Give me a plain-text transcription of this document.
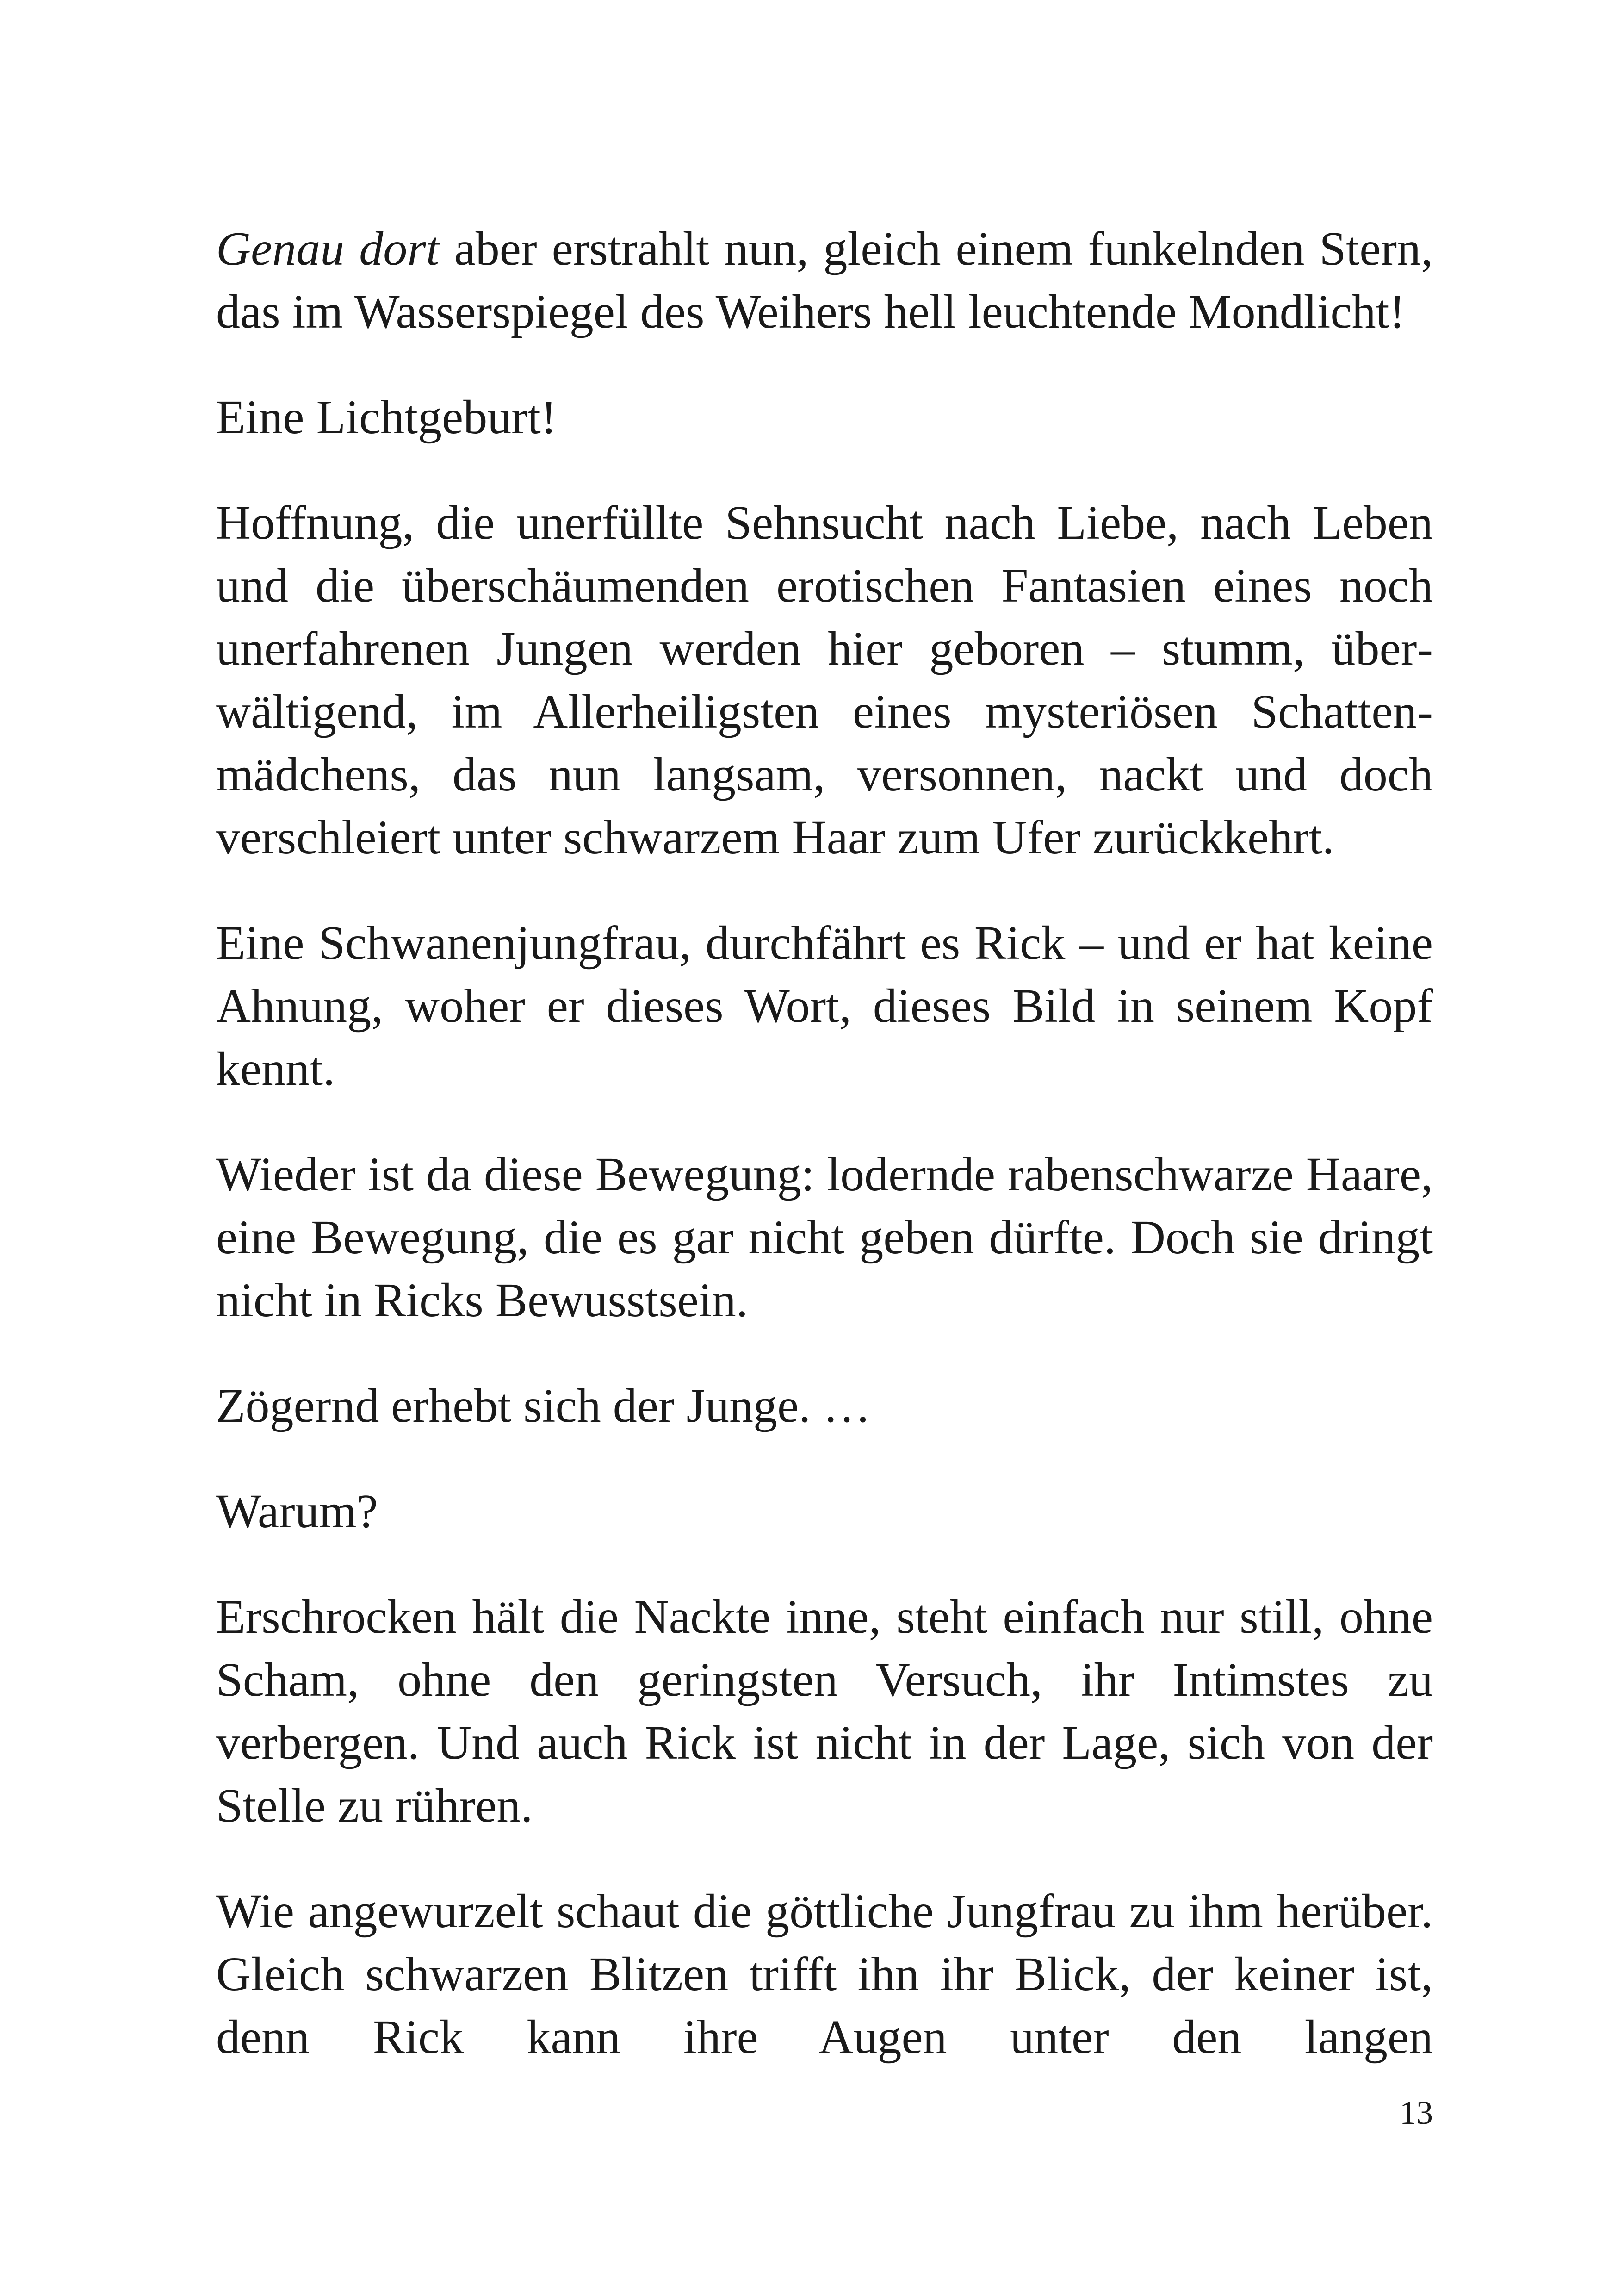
Genau dort aber erstrahlt nun, gleich einem funkelnden Stern, das im Wasserspiegel des Weihers hell leuchtende Mondlicht!

Eine Lichtgeburt!

Hoffnung, die unerfüllte Sehnsucht nach Liebe, nach Leben und die überschäumenden erotischen Fantasien eines noch unerfahrenen Jungen werden hier geboren – stumm, überwältigend, im Allerheiligsten eines mysteriösen Schattenmädchens, das nun langsam, versonnen, nackt und doch verschleiert unter schwarzem Haar zum Ufer zurückkehrt.

Eine Schwanenjungfrau, durchfährt es Rick – und er hat keine Ahnung, woher er dieses Wort, dieses Bild in seinem Kopf kennt.

Wieder ist da diese Bewegung: lodernde rabenschwarze Haare, eine Bewegung, die es gar nicht geben dürfte. Doch sie dringt nicht in Ricks Bewusstsein.

Zögernd erhebt sich der Junge. …

Warum?

Erschrocken hält die Nackte inne, steht einfach nur still, ohne Scham, ohne den geringsten Versuch, ihr Intimstes zu verbergen. Und auch Rick ist nicht in der Lage, sich von der Stelle zu rühren.

Wie angewurzelt schaut die göttliche Jungfrau zu ihm herüber. Gleich schwarzen Blitzen trifft ihn ihr Blick, der keiner ist, denn Rick kann ihre Augen unter den langen

13
